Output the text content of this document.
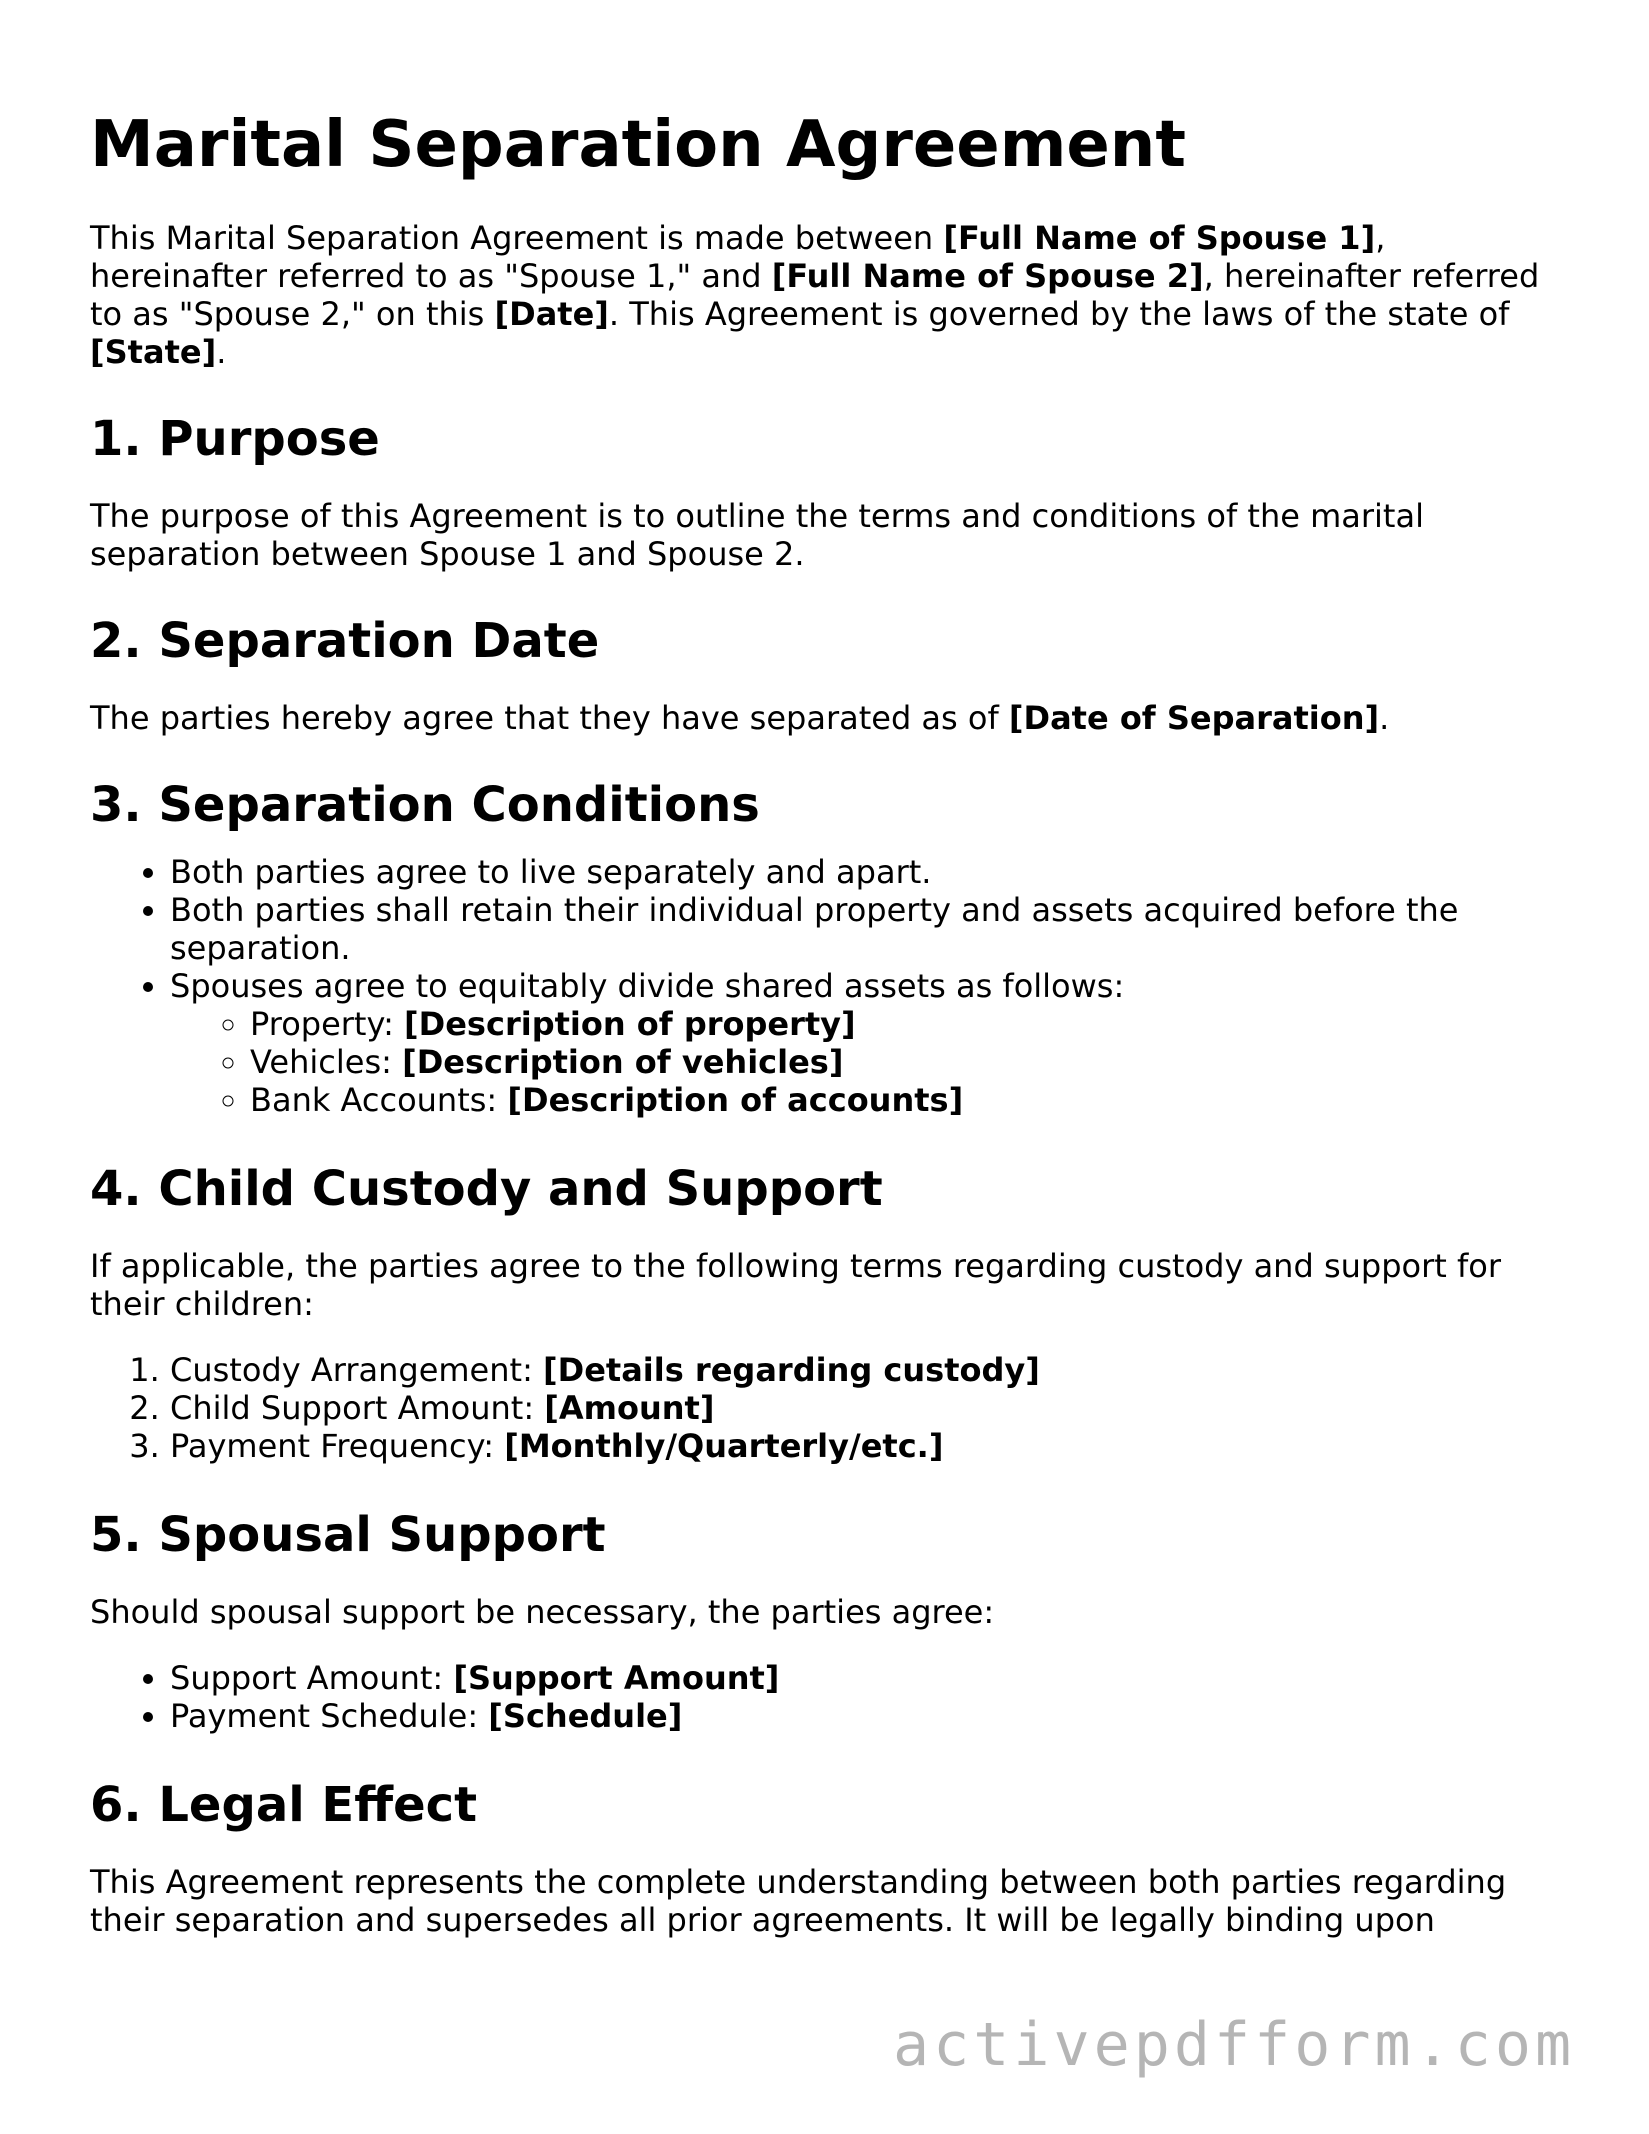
Marital Separation Agreement

This Marital Separation Agreement is made between [Full Name of Spouse 1], hereinafter referred to as "Spouse 1," and [Full Name of Spouse 2], hereinafter referred to as "Spouse 2," on this [Date]. This Agreement is governed by the laws of the state of [State].

1. Purpose

The purpose of this Agreement is to outline the terms and conditions of the marital separation between Spouse 1 and Spouse 2.

2. Separation Date

The parties hereby agree that they have separated as of [Date of Separation].

3. Separation Conditions
• Both parties agree to live separately and apart.
• Both parties shall retain their individual property and assets acquired before the separation.
• Spouses agree to equitably divide shared assets as follows:
◦ Property: [Description of property]
◦ Vehicles: [Description of vehicles]
◦ Bank Accounts: [Description of accounts]
4. Child Custody and Support

If applicable, the parties agree to the following terms regarding custody and support for their children:

1. Custody Arrangement: [Details regarding custody]
2. Child Support Amount: [Amount]
3. Payment Frequency: [Monthly/Quarterly/etc.]
5. Spousal Support

Should spousal support be necessary, the parties agree:

• Support Amount: [Support Amount]
• Payment Schedule: [Schedule]
6. Legal Effect

This Agreement represents the complete understanding between both parties regarding their separation and supersedes all prior agreements. It will be legally binding upon

activepdfform.com
